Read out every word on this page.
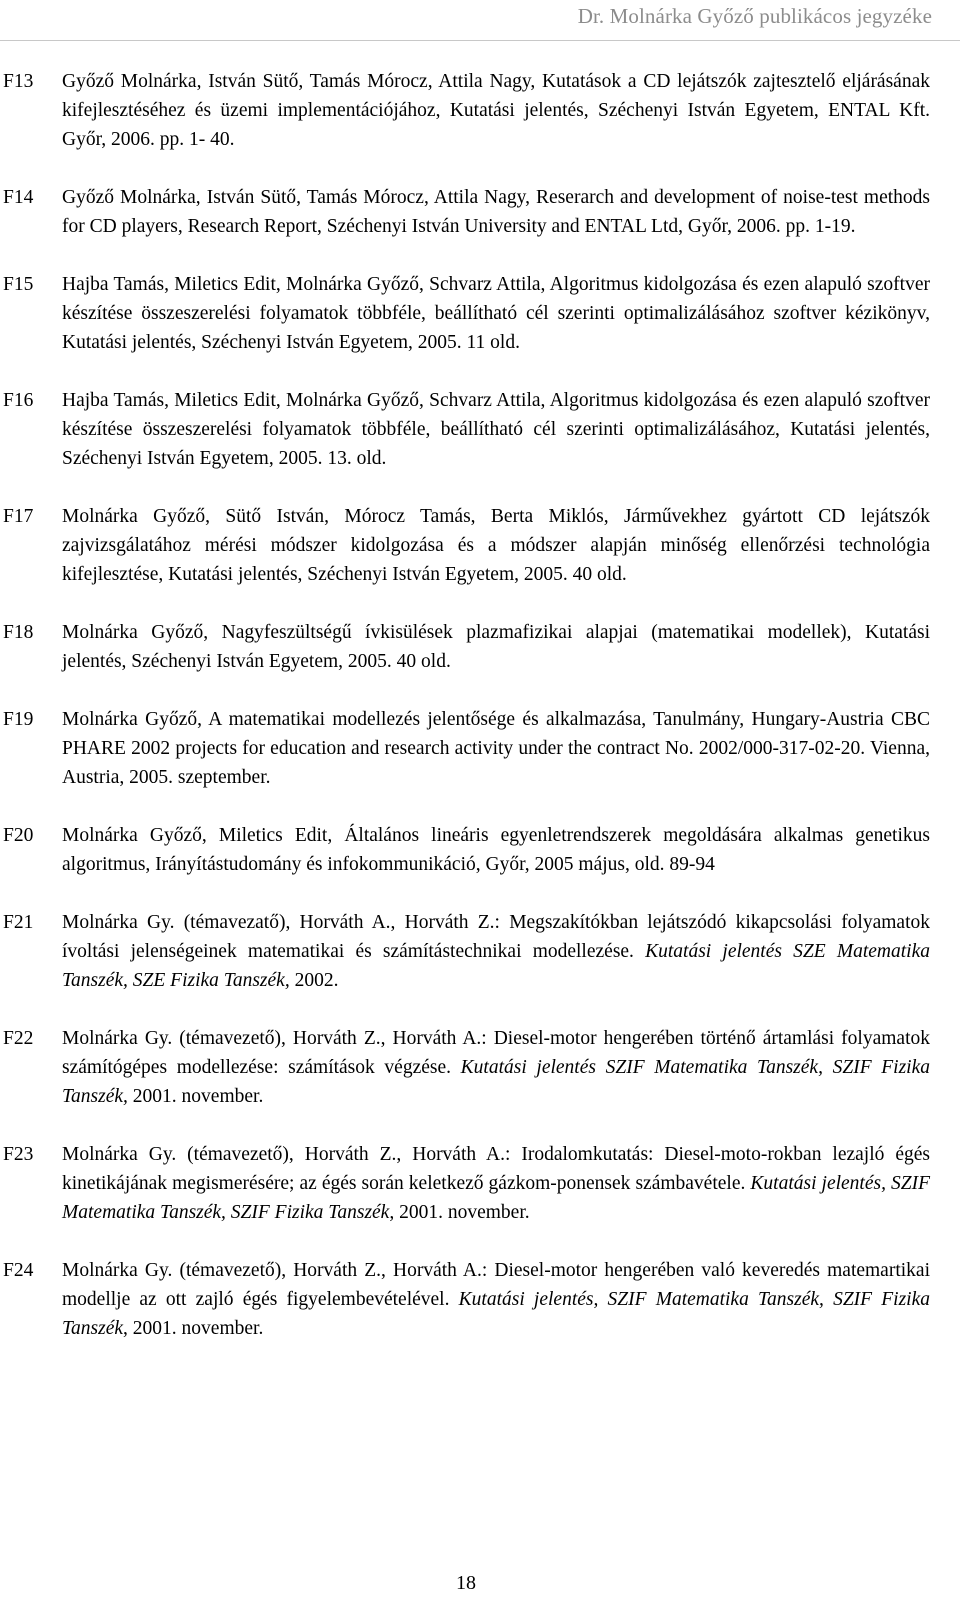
Dr. Molnárka Győző publikácos jegyzéke
F13	Győző Molnárka, István Sütő, Tamás Mórocz, Attila Nagy, Kutatások a CD lejátszók zajtesztelő eljárásának kifejlesztéséhez és üzemi implementációjához, Kutatási jelentés, Széchenyi István Egyetem, ENTAL Kft. Győr, 2006. pp. 1- 40.
F14	Győző Molnárka, István Sütő, Tamás Mórocz, Attila Nagy, Reserarch and development of noise-test methods for CD players, Research Report, Széchenyi István University and ENTAL Ltd, Győr, 2006. pp. 1-19.
F15	Hajba Tamás, Miletics Edit, Molnárka Győző, Schvarz Attila, Algoritmus kidolgozása és ezen alapuló szoftver készítése összeszerelési folyamatok többféle, beállítható cél szerinti optimalizálásához szoftver kézikönyv, Kutatási jelentés, Széchenyi István Egyetem, 2005. 11 old.
F16	Hajba Tamás, Miletics Edit, Molnárka Győző, Schvarz Attila, Algoritmus kidolgozása és ezen alapuló szoftver készítése összeszerelési folyamatok többféle, beállítható cél szerinti optimalizálásához, Kutatási jelentés, Széchenyi István Egyetem, 2005. 13. old.
F17	Molnárka Győző, Sütő István, Mórocz Tamás, Berta Miklós, Járművekhez gyártott CD lejátszók zajvizsgálatához mérési módszer kidolgozása és a módszer alapján minőség ellenőrzési technológia kifejlesztése, Kutatási jelentés, Széchenyi István Egyetem, 2005. 40 old.
F18	Molnárka Győző, Nagyfeszültségű ívkisülések plazmafizikai alapjai (matematikai modellek), Kutatási jelentés, Széchenyi István Egyetem, 2005. 40 old.
F19	Molnárka Győző, A matematikai modellezés jelentősége és alkalmazása, Tanulmány, Hungary-Austria CBC PHARE 2002 projects for education and research activity under the contract No. 2002/000-317-02-20. Vienna, Austria, 2005. szeptember.
F20	Molnárka Győző, Miletics Edit, Általános lineáris egyenletrendszerek megoldására alkalmas genetikus algoritmus, Irányítástudomány és infokommunikáció, Győr, 2005 május, old. 89-94
F21	Molnárka Gy. (témavezatő), Horváth A., Horváth Z.: Megszakítókban lejátszódó kikapcsolási folyamatok ívoltási jelenségeinek matematikai és számítástechnikai modellezése. Kutatási jelentés SZE Matematika Tanszék, SZE Fizika Tanszék, 2002.
F22	Molnárka Gy. (témavezető), Horváth Z., Horváth A.: Diesel-motor hengerében történő ártamlási folyamatok számítógépes modellezése: számítások végzése. Kutatási jelentés SZIF Matematika Tanszék, SZIF Fizika Tanszék, 2001. november.
F23	Molnárka Gy. (témavezető), Horváth Z., Horváth A.: Irodalomkutatás: Diesel-moto-rokban lezajló égés kinetikájának megismerésére; az égés során keletkező gázkom-ponensek számbavétele. Kutatási jelentés, SZIF Matematika Tanszék, SZIF Fizika Tanszék, 2001. november.
F24	Molnárka Gy. (témavezető), Horváth Z., Horváth A.: Diesel-motor hengerében való keveredés matemartikai modellje az ott zajló égés figyelembevételével. Kutatási jelentés, SZIF Matematika Tanszék, SZIF Fizika Tanszék, 2001. november.
18
